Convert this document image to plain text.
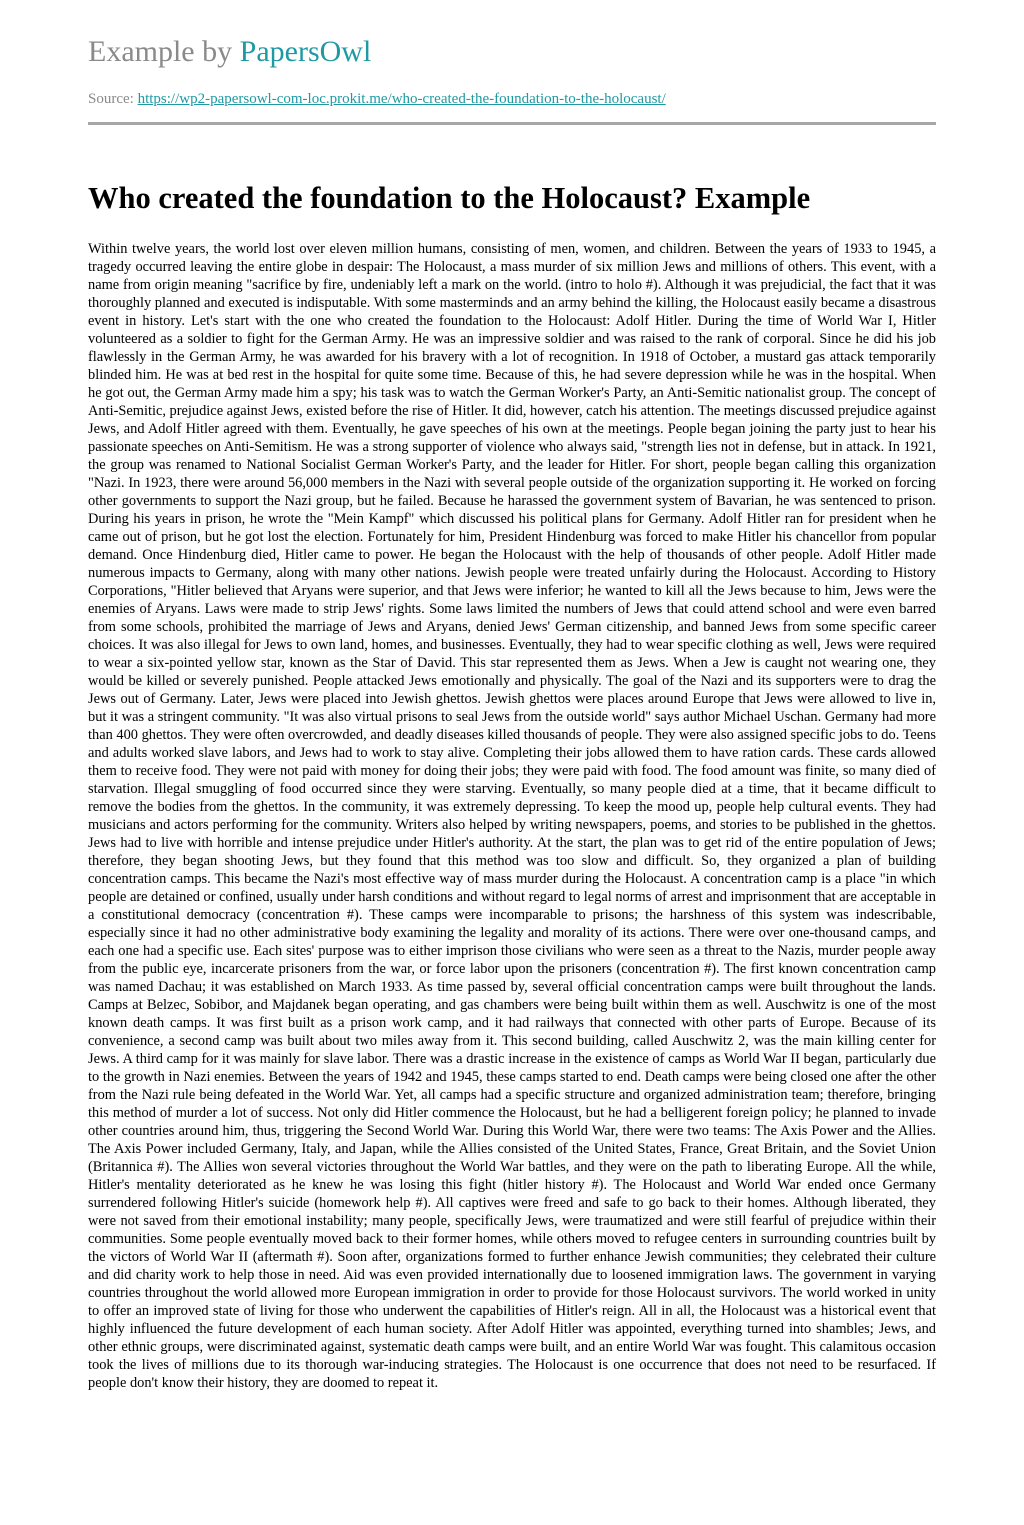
Example by PapersOwl
Source: https://wp2-papersowl-com-loc.prokit.me/who-created-the-foundation-to-the-holocaust/
Who created the foundation to the Holocaust? Example
Within twelve years, the world lost over eleven million humans, consisting of men, women, and children. Between the years of 1933 to 1945, a tragedy occurred leaving the entire globe in despair: The Holocaust, a mass murder of six million Jews and millions of others. This event, with a name from origin meaning "sacrifice by fire, undeniably left a mark on the world. (intro to holo #). Although it was prejudicial, the fact that it was thoroughly planned and executed is indisputable. With some masterminds and an army behind the killing, the Holocaust easily became a disastrous event in history. Let's start with the one who created the foundation to the Holocaust: Adolf Hitler. During the time of World War I, Hitler volunteered as a soldier to fight for the German Army. He was an impressive soldier and was raised to the rank of corporal. Since he did his job flawlessly in the German Army, he was awarded for his bravery with a lot of recognition. In 1918 of October, a mustard gas attack temporarily blinded him. He was at bed rest in the hospital for quite some time. Because of this, he had severe depression while he was in the hospital. When he got out, the German Army made him a spy; his task was to watch the German Worker's Party, an Anti-Semitic nationalist group. The concept of Anti-Semitic, prejudice against Jews, existed before the rise of Hitler. It did, however, catch his attention. The meetings discussed prejudice against Jews, and Adolf Hitler agreed with them. Eventually, he gave speeches of his own at the meetings. People began joining the party just to hear his passionate speeches on Anti-Semitism. He was a strong supporter of violence who always said, "strength lies not in defense, but in attack. In 1921, the group was renamed to National Socialist German Worker's Party, and the leader for Hitler. For short, people began calling this organization "Nazi. In 1923, there were around 56,000 members in the Nazi with several people outside of the organization supporting it. He worked on forcing other governments to support the Nazi group, but he failed. Because he harassed the government system of Bavarian, he was sentenced to prison. During his years in prison, he wrote the "Mein Kampf" which discussed his political plans for Germany. Adolf Hitler ran for president when he came out of prison, but he got lost the election. Fortunately for him, President Hindenburg was forced to make Hitler his chancellor from popular demand. Once Hindenburg died, Hitler came to power. He began the Holocaust with the help of thousands of other people. Adolf Hitler made numerous impacts to Germany, along with many other nations. Jewish people were treated unfairly during the Holocaust. According to History Corporations, "Hitler believed that Aryans were superior, and that Jews were inferior; he wanted to kill all the Jews because to him, Jews were the enemies of Aryans. Laws were made to strip Jews' rights. Some laws limited the numbers of Jews that could attend school and were even barred from some schools, prohibited the marriage of Jews and Aryans, denied Jews' German citizenship, and banned Jews from some specific career choices. It was also illegal for Jews to own land, homes, and businesses. Eventually, they had to wear specific clothing as well, Jews were required to wear a six-pointed yellow star, known as the Star of David. This star represented them as Jews. When a Jew is caught not wearing one, they would be killed or severely punished. People attacked Jews emotionally and physically. The goal of the Nazi and its supporters were to drag the Jews out of Germany. Later, Jews were placed into Jewish ghettos. Jewish ghettos were places around Europe that Jews were allowed to live in, but it was a stringent community. "It was also virtual prisons to seal Jews from the outside world" says author Michael Uschan. Germany had more than 400 ghettos. They were often overcrowded, and deadly diseases killed thousands of people. They were also assigned specific jobs to do. Teens and adults worked slave labors, and Jews had to work to stay alive. Completing their jobs allowed them to have ration cards. These cards allowed them to receive food. They were not paid with money for doing their jobs; they were paid with food. The food amount was finite, so many died of starvation. Illegal smuggling of food occurred since they were starving. Eventually, so many people died at a time, that it became difficult to remove the bodies from the ghettos. In the community, it was extremely depressing. To keep the mood up, people help cultural events. They had musicians and actors performing for the community. Writers also helped by writing newspapers, poems, and stories to be published in the ghettos. Jews had to live with horrible and intense prejudice under Hitler's authority. At the start, the plan was to get rid of the entire population of Jews; therefore, they began shooting Jews, but they found that this method was too slow and difficult. So, they organized a plan of building concentration camps. This became the Nazi's most effective way of mass murder during the Holocaust. A concentration camp is a place "in which people are detained or confined, usually under harsh conditions and without regard to legal norms of arrest and imprisonment that are acceptable in a constitutional democracy (concentration #). These camps were incomparable to prisons; the harshness of this system was indescribable, especially since it had no other administrative body examining the legality and morality of its actions. There were over one-thousand camps, and each one had a specific use. Each sites' purpose was to either imprison those civilians who were seen as a threat to the Nazis, murder people away from the public eye, incarcerate prisoners from the war, or force labor upon the prisoners (concentration #). The first known concentration camp was named Dachau; it was established on March 1933. As time passed by, several official concentration camps were built throughout the lands. Camps at Belzec, Sobibor, and Majdanek began operating, and gas chambers were being built within them as well. Auschwitz is one of the most known death camps. It was first built as a prison work camp, and it had railways that connected with other parts of Europe. Because of its convenience, a second camp was built about two miles away from it. This second building, called Auschwitz 2, was the main killing center for Jews. A third camp for it was mainly for slave labor. There was a drastic increase in the existence of camps as World War II began, particularly due to the growth in Nazi enemies. Between the years of 1942 and 1945, these camps started to end. Death camps were being closed one after the other from the Nazi rule being defeated in the World War. Yet, all camps had a specific structure and organized administration team; therefore, bringing this method of murder a lot of success. Not only did Hitler commence the Holocaust, but he had a belligerent foreign policy; he planned to invade other countries around him, thus, triggering the Second World War. During this World War, there were two teams: The Axis Power and the Allies. The Axis Power included Germany, Italy, and Japan, while the Allies consisted of the United States, France, Great Britain, and the Soviet Union (Britannica #). The Allies won several victories throughout the World War battles, and they were on the path to liberating Europe. All the while, Hitler's mentality deteriorated as he knew he was losing this fight (hitler history #). The Holocaust and World War ended once Germany surrendered following Hitler's suicide (homework help #). All captives were freed and safe to go back to their homes. Although liberated, they were not saved from their emotional instability; many people, specifically Jews, were traumatized and were still fearful of prejudice within their communities. Some people eventually moved back to their former homes, while others moved to refugee centers in surrounding countries built by the victors of World War II (aftermath #). Soon after, organizations formed to further enhance Jewish communities; they celebrated their culture and did charity work to help those in need. Aid was even provided internationally due to loosened immigration laws. The government in varying countries throughout the world allowed more European immigration in order to provide for those Holocaust survivors. The world worked in unity to offer an improved state of living for those who underwent the capabilities of Hitler's reign. All in all, the Holocaust was a historical event that highly influenced the future development of each human society. After Adolf Hitler was appointed, everything turned into shambles; Jews, and other ethnic groups, were discriminated against, systematic death camps were built, and an entire World War was fought. This calamitous occasion took the lives of millions due to its thorough war-inducing strategies. The Holocaust is one occurrence that does not need to be resurfaced. If people don't know their history, they are doomed to repeat it.
